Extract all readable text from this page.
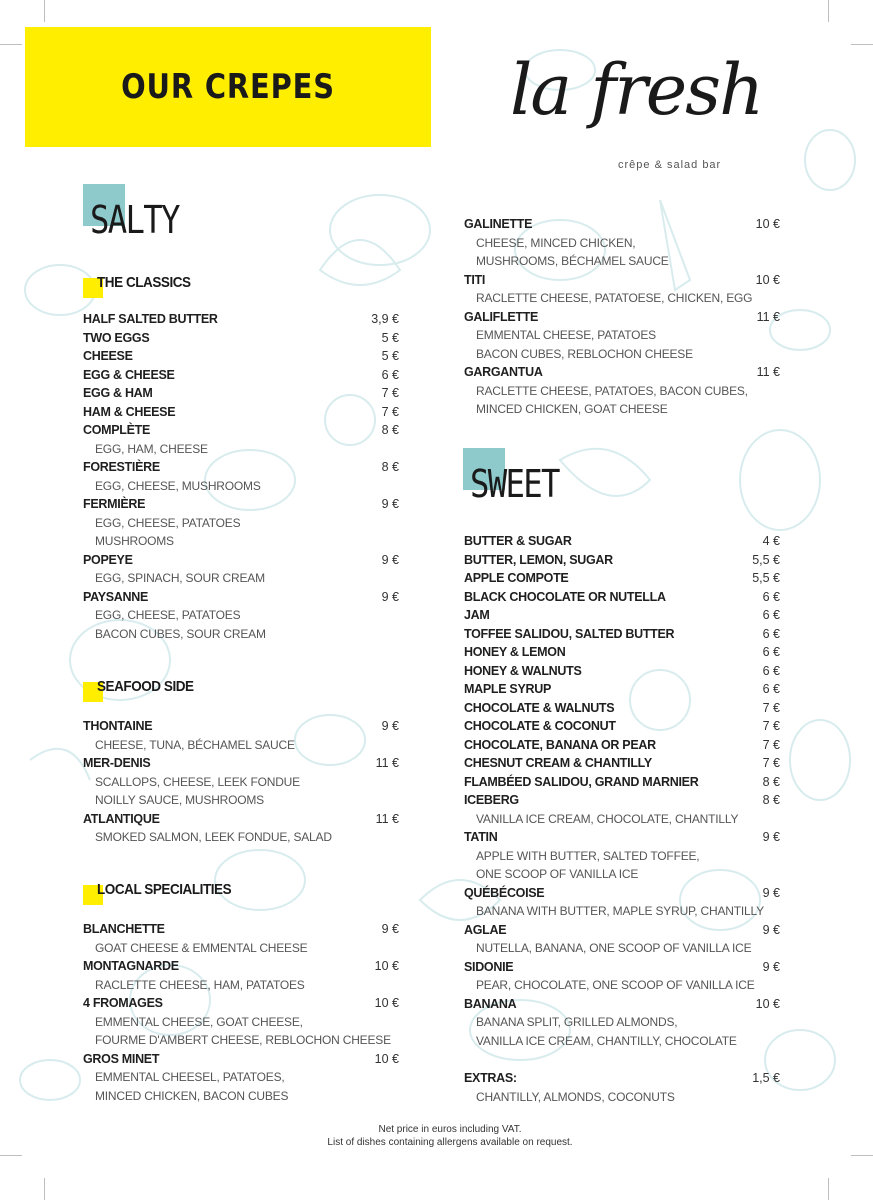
OUR CREPES	la fresh
crêpe & salad bar
SALTY
THE CLASSICS
SEAFOOD SIDE
LOCAL SPECIALITIES
SWEET
HALF SALTED BUTTER	3,9 €
TWO EGGS	5 €
CHEESE	5 €
EGG & CHEESE	6 €
EGG & HAM	7 €
HAM & CHEESE	7 €
COMPLÈTE	8 €
EGG, HAM, CHEESE
FORESTIÈRE	8 €
EGG, CHEESE, MUSHROOMS
FERMIÈRE	9 €
EGG, CHEESE, PATATOES
MUSHROOMS
POPEYE	9 €
EGG, SPINACH, SOUR CREAM
PAYSANNE	9 €
EGG, CHEESE, PATATOES
BACON CUBES, SOUR CREAM
THONTAINE	9 €
CHEESE, TUNA, BÉCHAMEL SAUCE
MER-DENIS	11 €
SCALLOPS, CHEESE, LEEK FONDUE
NOILLY SAUCE, MUSHROOMS
ATLANTIQUE	11 €
SMOKED SALMON, LEEK FONDUE, SALAD
BLANCHETTE	9 €
GOAT CHEESE & EMMENTAL CHEESE
MONTAGNARDE	10 €
RACLETTE CHEESE, HAM, PATATOES
4 FROMAGES	10 €
EMMENTAL CHEESE, GOAT CHEESE,
FOURME D'AMBERT CHEESE, REBLOCHON CHEESE
GROS MINET	10 €
EMMENTAL CHEESEL, PATATOES,
MINCED CHICKEN, BACON CUBES
GALINETTE	10 €
CHEESE, MINCED CHICKEN,
MUSHROOMS, BÉCHAMEL SAUCE
TITI	10 €
RACLETTE CHEESE, PATATOESE, CHICKEN, EGG
GALIFLETTE	11 €
EMMENTAL CHEESE, PATATOES
BACON CUBES, REBLOCHON CHEESE
GARGANTUA	11 €
RACLETTE CHEESE, PATATOES, BACON CUBES,
MINCED CHICKEN, GOAT CHEESE
BUTTER & SUGAR	4 €
BUTTER, LEMON, SUGAR	5,5 €
APPLE COMPOTE	5,5 €
BLACK CHOCOLATE OR NUTELLA	6 €
JAM	6 €
TOFFEE SALIDOU, SALTED BUTTER	6 €
HONEY & LEMON	6 €
HONEY & WALNUTS	6 €
MAPLE SYRUP	6 €
CHOCOLATE & WALNUTS	7 €
CHOCOLATE & COCONUT	7 €
CHOCOLATE, BANANA OR PEAR	7 €
CHESNUT CREAM & CHANTILLY	7 €
FLAMBÉED SALIDOU, GRAND MARNIER	8 €
ICEBERG	8 €
VANILLA ICE CREAM, CHOCOLATE, CHANTILLY
TATIN	9 €
APPLE WITH BUTTER, SALTED TOFFEE,
ONE SCOOP OF VANILLA ICE
QUÉBÉCOISE	9 €
BANANA WITH BUTTER, MAPLE SYRUP, CHANTILLY
AGLAE	9 €
NUTELLA, BANANA, ONE SCOOP OF VANILLA ICE
SIDONIE	9 €
PEAR, CHOCOLATE, ONE SCOOP OF VANILLA ICE
BANANA	10 €
BANANA SPLIT, GRILLED ALMONDS,
VANILLA ICE CREAM, CHANTILLY, CHOCOLATE
EXTRAS:	1,5 €
CHANTILLY, ALMONDS, COCONUTS
Net price in euros including VAT.
List of dishes containing allergens available on request.
